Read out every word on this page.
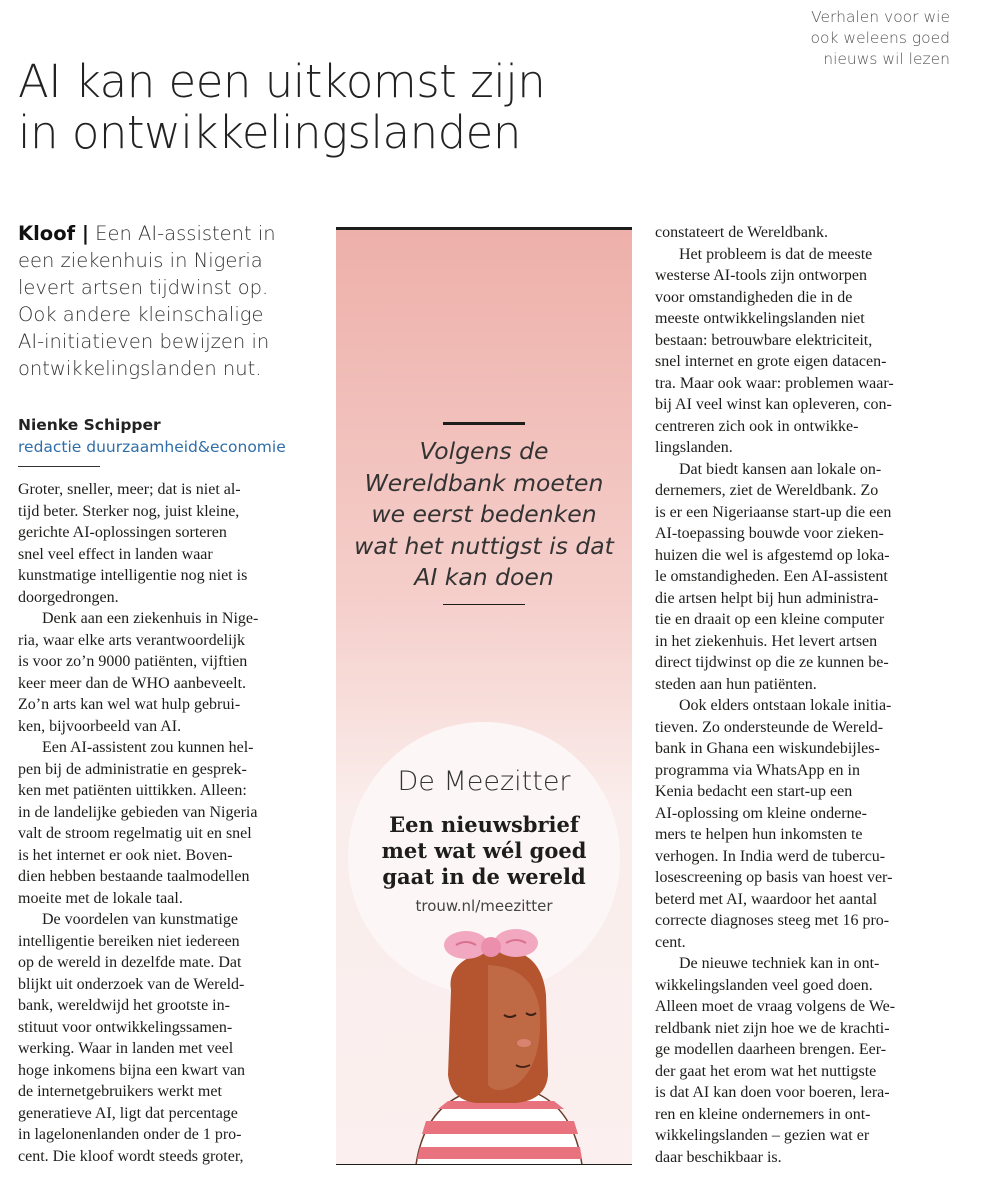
Verhalen voor wie
ook weleens goed
nieuws wil lezen
AI kan een uitkomst zijn
in ontwikkelingslanden

Kloof | Een AI-assistent in
een ziekenhuis in Nigeria
levert artsen tijdwinst op.
Ook andere kleinschalige
AI-initiatieven bewijzen in
ontwikkelingslanden nut.

Nienke Schipper
redactie duurzaamheid&economie
Groter, sneller, meer; dat is niet al-
tijd beter. Sterker nog, juist kleine,
gerichte AI-oplossingen sorteren
snel veel effect in landen waar
kunstmatige intelligentie nog niet is
doorgedrongen.
Denk aan een ziekenhuis in Nige-
ria, waar elke arts verantwoordelijk
is voor zo’n 9000 patiënten, vijftien
keer meer dan de WHO aanbeveelt.
Zo’n arts kan wel wat hulp gebrui-
ken, bijvoorbeeld van AI.
Een AI-assistent zou kunnen hel-
pen bij de administratie en gesprek-
ken met patiënten uittikken. Alleen:
in de landelijke gebieden van Nigeria
valt de stroom regelmatig uit en snel
is het internet er ook niet. Boven-
dien hebben bestaande taalmodellen
moeite met de lokale taal.
De voordelen van kunstmatige
intelligentie bereiken niet iedereen
op de wereld in dezelfde mate. Dat
blijkt uit onderzoek van de Wereld-
bank, wereldwijd het grootste in-
stituut voor ontwikkelingssamen-
werking. Waar in landen met veel
hoge inkomens bijna een kwart van
de internetgebruikers werkt met
generatieve AI, ligt dat percentage
in lagelonenlanden onder de 1 pro-
cent. Die kloof wordt steeds groter,
constateert de Wereldbank.
Het probleem is dat de meeste
westerse AI-tools zijn ontworpen
voor omstandigheden die in de
meeste ontwikkelingslanden niet
bestaan: betrouwbare elektriciteit,
snel internet en grote eigen datacen-
tra. Maar ook waar: problemen waar-
bij AI veel winst kan opleveren, con-
centreren zich ook in ontwikke-
lingslanden.
Dat biedt kansen aan lokale on-
dernemers, ziet de Wereldbank. Zo
is er een Nigeriaanse start-up die een
AI-toepassing bouwde voor zieken-
huizen die wel is afgestemd op loka-
le omstandigheden. Een AI-assistent
die artsen helpt bij hun administra-
tie en draait op een kleine computer
in het ziekenhuis. Het levert artsen
direct tijdwinst op die ze kunnen be-
steden aan hun patiënten.
Ook elders ontstaan lokale initia-
tieven. Zo ondersteunde de Wereld-
bank in Ghana een wiskundebijles-
programma via WhatsApp en in
Kenia bedacht een start-up een
AI-oplossing om kleine onderne-
mers te helpen hun inkomsten te
verhogen. In India werd de tubercu-
losescreening op basis van hoest ver-
beterd met AI, waardoor het aantal
correcte diagnoses steeg met 16 pro-
cent.
De nieuwe techniek kan in ont-
wikkelingslanden veel goed doen.
Alleen moet de vraag volgens de We-
reldbank niet zijn hoe we de krachti-
ge modellen daarheen brengen. Eer-
der gaat het erom wat het nuttigste
is dat AI kan doen voor boeren, lera-
ren en kleine ondernemers in ont-
wikkelingslanden – gezien wat er
daar beschikbaar is.
Volgens de
Wereldbank moeten
we eerst bedenken
wat het nuttigst is dat
AI kan doen
De Meezitter
Een nieuwsbrief
met wat wél goed
gaat in de wereld
trouw.nl/meezitter
